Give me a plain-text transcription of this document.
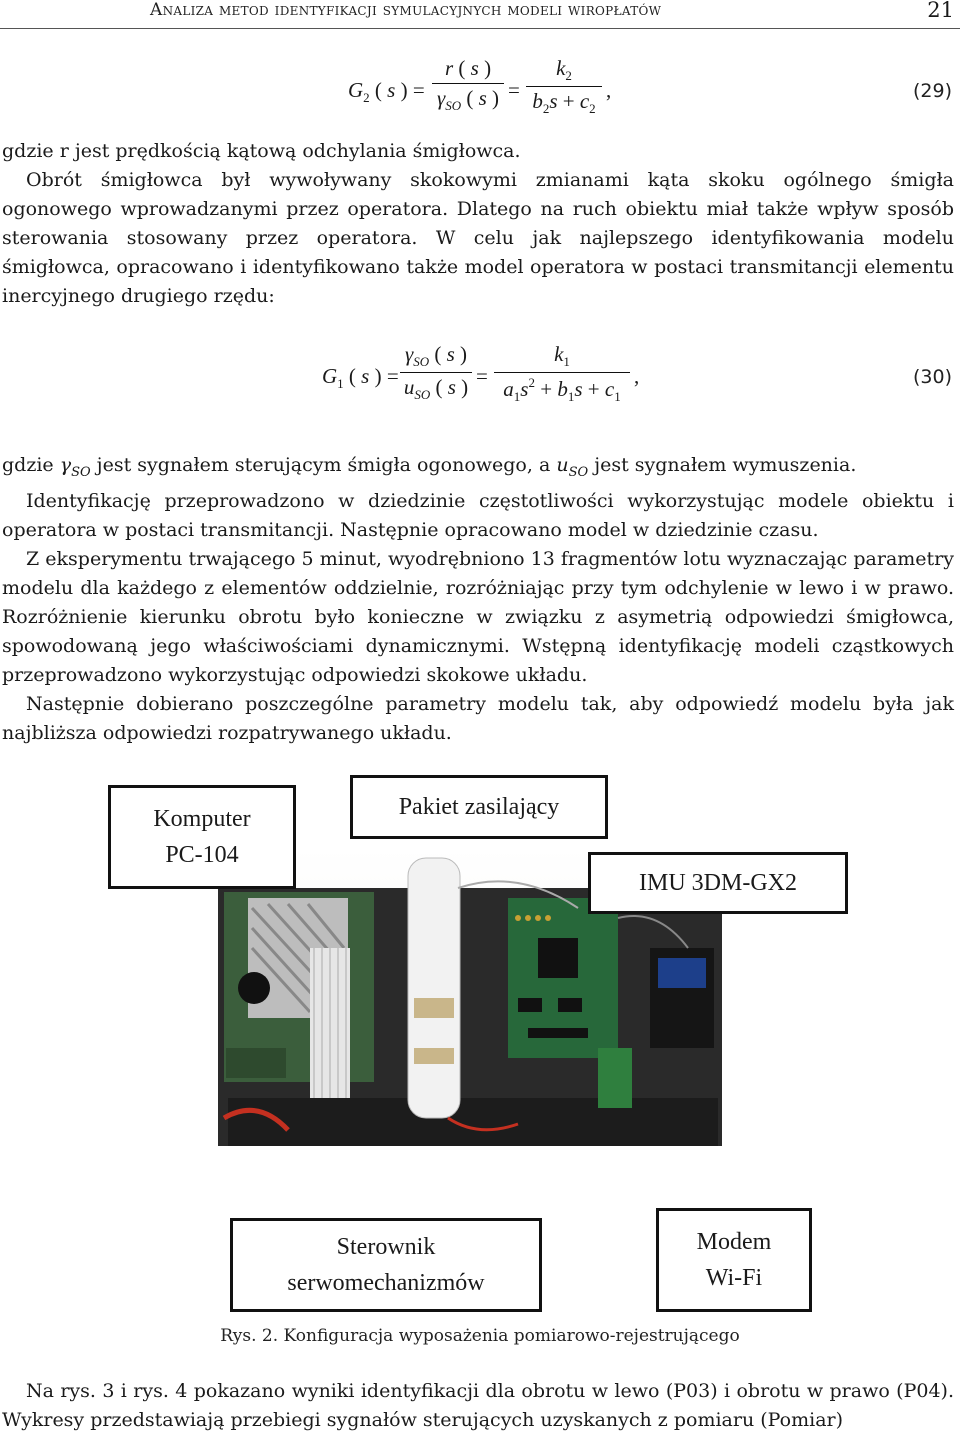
Analiza metod identyfikacji symulacyjnych modeli wiropłatów	21
$G_2$ ( s ) =
r ( s )
$\gamma_{SO}$ ( s ) =
$k_2$
$b_2s + c_2$
,	(29)

gdzie r jest prędkością kątową odchylania śmigłowca.

Obrót śmigłowca był wywoływany skokowymi zmianami kąta skoku ogólnego śmigła ogonowego wprowadzanymi przez operatora. Dlatego na ruch obiektu miał także wpływ sposób sterowania stosowany przez operatora. W celu jak najlepszego identyfikowania modelu śmigłowca, opracowano i identyfikowano także model operatora w postaci transmitancji elementu inercyjnego drugiego rzędu:

$G_1$ ( s ) =
$\gamma_{SO}$ ( s )
$u_{SO}$ ( s ) =
$k_1$
$a_1s^2 + b_1s + c_1$
,	(30)

gdzie $\gamma_{SO}$ jest sygnałem sterującym śmigła ogonowego, a $u_{SO}$ jest sygnałem wymuszenia.

Identyfikację przeprowadzono w dziedzinie częstotliwości wykorzystując modele obiektu i operatora w postaci transmitancji. Następnie opracowano model w dziedzinie czasu.

Z eksperymentu trwającego 5 minut, wyodrębniono 13 fragmentów lotu wyznaczając parametry modelu dla każdego z elementów oddzielnie, rozróżniając przy tym odchylenie w lewo i w prawo. Rozróżnienie kierunku obrotu było konieczne w związku z asymetrią odpowiedzi śmigłowca, spowodowaną jego właściwościami dynamicznymi. Wstępną identyfikację modeli cząstkowych przeprowadzono wykorzystując odpowiedzi skokowe układu.

Następnie dobierano poszczególne parametry modelu tak, aby odpowiedź modelu była jak najbliższa odpowiedzi rozpatrywanego układu.

Komputer
PC-104
Pakiet zasilający
IMU 3DM-GX2
Sterownik
serwomechanizmów
Modem
Wi-Fi
Rys. 2. Konfiguracja wyposażenia pomiarowo-rejestrującego

Na rys. 3 i rys. 4 pokazano wyniki identyfikacji dla obrotu w lewo (P03) i obrotu w prawo (P04). Wykresy przedstawiają przebiegi sygnałów sterujących uzyskanych z pomiaru (Pomiar)
